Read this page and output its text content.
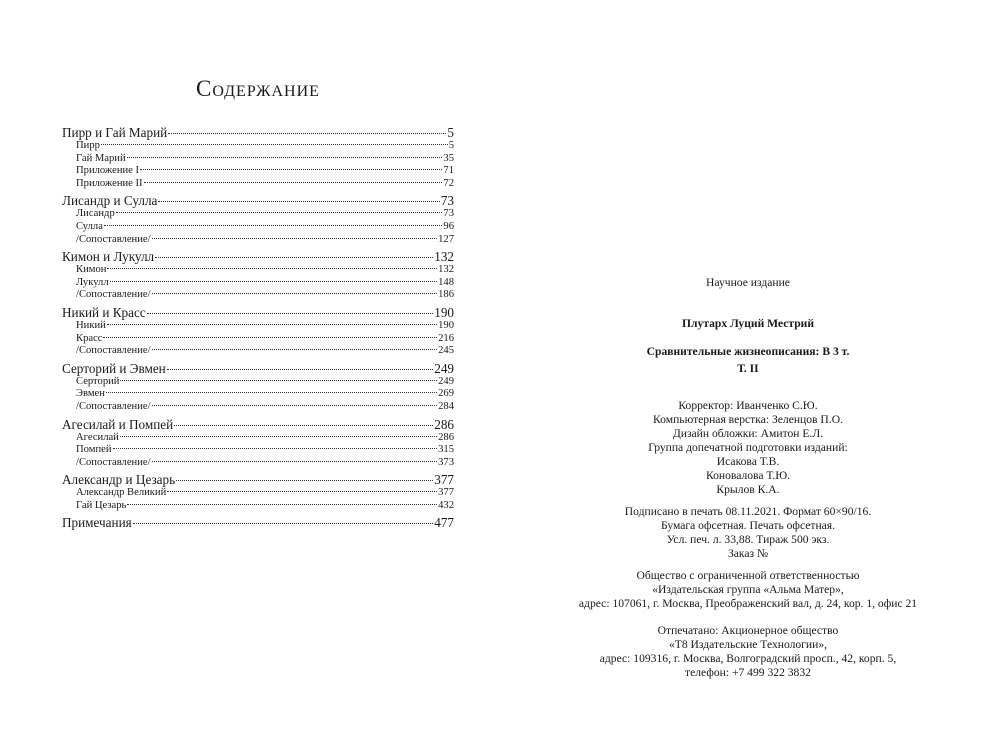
Содержание
Пирр и Гай Марий	5
Пирр	5
Гай Марий	35
Приложение I	71
Приложение II	72
Лисандр и Сулла	73
Лисандр	73
Сулла	96
/Сопоставление/	127
Кимон и Лукулл	132
Кимон	132
Лукулл	148
/Сопоставление/	186
Никий и Красс	190
Никий	190
Красс	216
/Сопоставление/	245
Серторий и Эвмен	249
Серторий	249
Эвмен	269
/Сопоставление/	284
Агесилай и Помпей	286
Агесилай	286
Помпей	315
/Сопоставление/	373
Александр и Цезарь	377
Александр Великий	377
Гай Цезарь	432
Примечания	477
Научное издание
Плутарх Луций Местрий
Сравнительные жизнеописания: В 3 т.
Т. II
Корректор: Иванченко С.Ю.
Компьютерная верстка: Зеленцов П.О.
Дизайн обложки: Амитон Е.Л.
Группа допечатной подготовки изданий:
Исакова Т.В.
Коновалова Т.Ю.
Крылов К.А.
Подписано в печать 08.11.2021. Формат 60×90/16.
Бумага офсетная. Печать офсетная.
Усл. печ. л. 33,88. Тираж 500 экз.
Заказ №
Общество с ограниченной ответственностью
«Издательская группа «Альма Матер»,
адрес: 107061, г. Москва, Преображенский вал, д. 24, кор. 1, офис 21
Отпечатано: Акционерное общество
«Т8 Издательские Технологии»,
адрес: 109316, г. Москва, Волгоградский просп., 42, корп. 5,
телефон: +7 499 322 3832
